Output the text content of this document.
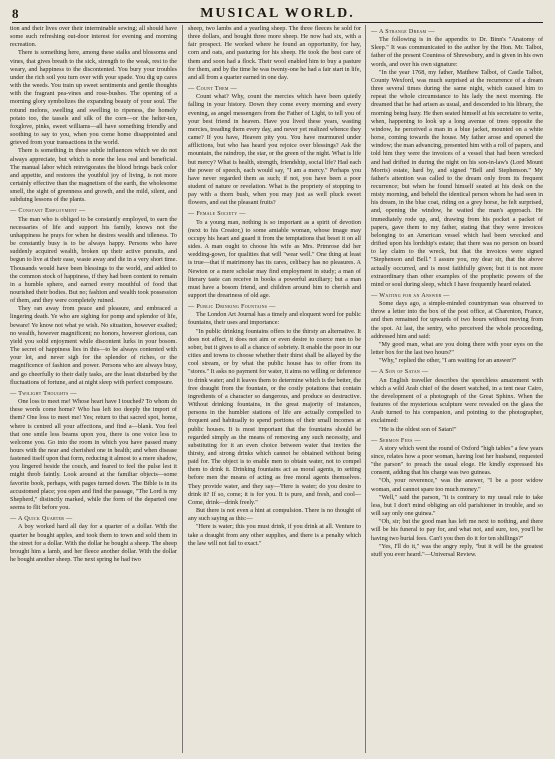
8	MUSICAL WORLD.

tion and their lives over their interminable sewing; all should have some such refreshing out-door interest for evening and morning recreation.

There is something here, among these stalks and blossoms and vines, that gives breath to the sick, strength to the weak, rest to the weary, and happiness to the discontented. You bury your troubles under the rich soil you turn over with your spade. You dig up cares with the weeds. You train up sweet sentiments and gentle thoughts with the fragrant pea-vines and rose-bushes. The opening of a morning glory symbolizes the expanding beauty of your soul. The rotund melons, swelling and swelling to ripeness, the homely potato too, the tassels and silk of the corn—or the helter-ten, foxglove, pinks, sweet williams—all have something friendly and soothing to say to you, when you come home disappointed and grieved from your transactions in the world.

There is something in these subtle influences which we do not always appreciate, but which is none the less real and beneficial. The manual labor which reinvigorates the blood brings back color and appetite, and restores the youthful joy of living, is not more certainly effective than the magnetism of the earth, the wholesome smell, the sight of greenness and growth, and the mild, silent, and subduing lessons of the plants.

— Constant Employment —

The man who is obliged to be constantly employed, to earn the necessaries of life and support his family, knows not the unhappiness he prays for when he desires wealth and idleness. To be constantly busy is to be always happy. Persons who have suddenly acquired wealth, broken up their active pursuits, and begun to live at their ease, waste away and die in a very short time. Thousands would have been blessings to the world, and added to the common stock of happiness, if they had been content to remain in a humble sphere, and earned every mouthful of food that nourished their bodies. But no; fashion and wealth took possession of them, and they were completely ruined.

They ran away from peace and pleasure, and embraced a lingering death. Ye who are sighing for pomp and splendor of life, beware! Ye know not what ye wish. No situation, however exalted; no wealth, however magnificent; no honors, however glorious, can yield you solid enjoyment while discontent lurks in your bosom. The secret of happiness lies in this—to be always contented with your lot, and never sigh for the splendor of riches, or the magnificence of fashion and power. Persons who are always busy, and go cheerfully to their daily tasks, are the least disturbed by the fluctuations of fortune, and at night sleep with perfect composure.

— Twilight Thoughts —

One loss to meet me! Whose heart have I touched? To whom do these words come home? Who has left too deeply the import of them? One loss to meet me! Yes; return to that sacred spot, home, where is centred all your affections, and find a—blank. You feel that one smile less beams upon you, there is one voice less to welcome you. Go into the room in which you have passed many hours with the near and cherished one in health; and when disease fastened itself upon that form, reducing it almost to a mere shadow, you lingered beside the couch, and feared to feel the pulse lest it might throb faintly. Look around at the familiar objects—some favorite book, perhaps, with pages turned down. The Bible is in its accustomed place; you open and find the passage, "The Lord is my Shepherd," distinctly marked, while the form of the departed one seems to flit before you.

— A Quick Quarter —

A boy worked hard all day for a quarter of a dollar. With the quarter he bought apples, and took them to town and sold them in the street for a dollar. With the dollar he bought a sheep. The sheep brought him a lamb, and her fleece another dollar. With the dollar he bought another sheep. The next spring he had two

sheep, two lambs and a yearling sheep. The three fleeces he sold for three dollars, and bought three more sheep. He now had six, with a fair prospect. He worked where he found an opportunity, for hay, corn and oats, and pasturing for his sheep. He took the best care of them and soon had a flock. Their wool enabled him to buy a pasture for them, and by the time he was twenty-one he had a fair start in life, and all from a quarter earned in one day.

— Count Them —

Count what? Why, count the mercies which have been quietly falling in your history. Down they come every morning and every evening, as angel messengers from the Father of Light, to tell you of your best friend in heaven. Have you lived these years, wasting mercies, treading them every day, and never yet realized whence they came? If you have, Heaven pity you. You have murmured under afflictions, but who has heard you rejoice over blessings? Ask the mountain, the raindrop, the star, or the green of the night. What is life but mercy? What is health, strength, friendship, social life? Had each the power of speech, each would say, "I am a mercy." Perhaps you have never regarded them as such; if not, you have been a poor student of nature or revelation. What is the propriety of stopping to pay with a thorn bush, when you may just as well pluck sweet flowers, and eat the pleasant fruits?

— Female Society —

To a young man, nothing is so important as a spirit of devotion (next to his Creator,) to some amiable woman, whose image may occupy his heart and guard it from the temptations that beset it on all sides. A man ought to choose his wife as Mrs. Primrose did her wedding-gown, for qualities that will "wear well." One thing at least is true—that if matrimony has its cares, celibacy has no pleasures. A Newton or a mere scholar may find employment in study; a man of literary taste can receive in books a powerful auxiliary; but a man must have a bosom friend, and children around him to cherish and support the dreariness of old age.

— Public Drinking Fountains —

The London Art Journal has a timely and eloquent word for public fountains, their uses and importance:

"In public drinking fountains offers to the thirsty an alternative. It does not affect, it does not aim or even desire to coerce men to be sober, but it gives to all a chance of sobriety. It enable the poor in our cities and towns to choose whether their thirst shall be allayed by the cool stream, or by what the public house has to offer from its "stores." It asks no payment for water, it aims no willing or deference to drink water; and it leaves them to determine which is the better, the free draught from the fountain, or the costly potations that contain ingredients of a character so dangerous, and produce so destructive. Without drinking fountains, in the great majority of instances, persons in the humbler stations of life are actually compelled to frequent and habitually to spend portions of their small incomes at public houses. It is most important that the fountains should be regarded simply as the means of removing any such necessity, and substituting for it an even choice between water that invites the thirsty, and strong drinks which cannot be obtained without being paid for. The object is to enable men to obtain water, not to compel them to drink it. Drinking fountains act as moral agents, in setting before men the means of acting as free moral agents themselves. They provide water, and they say—'Here is water; do you desire to drink it? If so, come; it is for you. It is pure, and fresh, and cool—Come, drink—drink freely."

But there is not even a hint at compulsion. There is no thought of any such saying as this:—

"Here is water; this you must drink, if you drink at all. Venture to take a draught from any other supplies, and there is a penalty which the law will not fail to exact."

— A Strange Dream —

The following is in the appendix to Dr. Binn's "Anatomy of Sleep." It was communicated to the author by the Hon. Mr. Talbot, father of the present Countess of Shrewsbury, and is given in his own words, and over his own signature:

"In the year 1768, my father, Matthew Talbot, of Castle Talbot, County Wexford, was much surprised at the recurrence of a dream three several times during the same night, which caused him to repeat the whole circumstance to his lady the next morning. He dreamed that he had arisen as usual, and descended to his library, the morning being hazy. He then seated himself at his secretaire to write, when, happening to look up a long avenue of trees opposite the window, he perceived a man in a blue jacket, mounted on a white horse, coming towards the house. My father arose and opened the window; the man advancing, presented him with a roll of papers, and told him they were the invoices of a vessel that had been wrecked and had drifted in during the night on his son-in-law's (Lord Mount Morris) estate, hard by, and signed "Bell and Stephenson." My father's attention was called to the dream only from its frequent recurrence; but when he found himself seated at his desk on the misty morning, and beheld the identical person whom he had seen in his dream, in the blue coat, riding on a grey horse, he felt surprised, and, opening the window, he waited the man's approach. He immediately rode up, and, drawing from his pocket a packet of papers, gave them to my father, stating that they were invoices belonging to an American vessel which had been wrecked and drifted upon his lordship's estate; that there was no person on board to lay claim to the wreck, but that the invoices were signed "Stephenson and Bell." I assure you, my dear sir, that the above actually occurred, and is most faithfully given; but it is not more extraordinary than other examples of the prophetic powers of the mind or soul during sleep, which I have frequently heard related.

— Waiting for an Answer —

Some days ago, a simple-minded countryman was observed to throw a letter into the box of the post office, at Charenton, France, and then remained for upwards of two hours without moving from the spot. At last, the sentry, who perceived the whole proceeding, addressed him and said:

"My good man, what are you doing there with your eyes on the letter box for the last two hours?"

"Why," replied the other, "I am waiting for an answer?"

— A Son of Satan —

An English traveller describes the speechless amazement with which a wild Arab chief of the desert watched, in a tent near Cairo, the development of a photograph of the Great Sphinx. When the features of the mysterious sculpture were revealed on the glass the Arab turned to his companion, and pointing to the photographer, exclaimed:

"He is the oldest son of Satan!"

— Sermon Fees —

A story which went the round of Oxford "high tables" a few years since, relates how a poor woman, having lost her husband, requested "the parson" to preach the usual eloge. He kindly expressed his consent, adding that his charge was two guineas.

"Oh, your reverence," was the answer, "I be a poor widow woman, and cannot spare too much money."

"Well," said the parson, "it is contrary to my usual rule to take less, but I don't mind obliging an old parishioner in trouble, and so will say only one guinea."

"Oh, sir; but the good man has left me next to nothing, and there will be his funeral to pay for, and what not, and sure, too, you'll be having two burial fees. Can't you then do it for ten shillings?"

"Yes, I'll do it," was the angry reply, "but it will be the greatest stuff you ever heard."—Universal Review.
